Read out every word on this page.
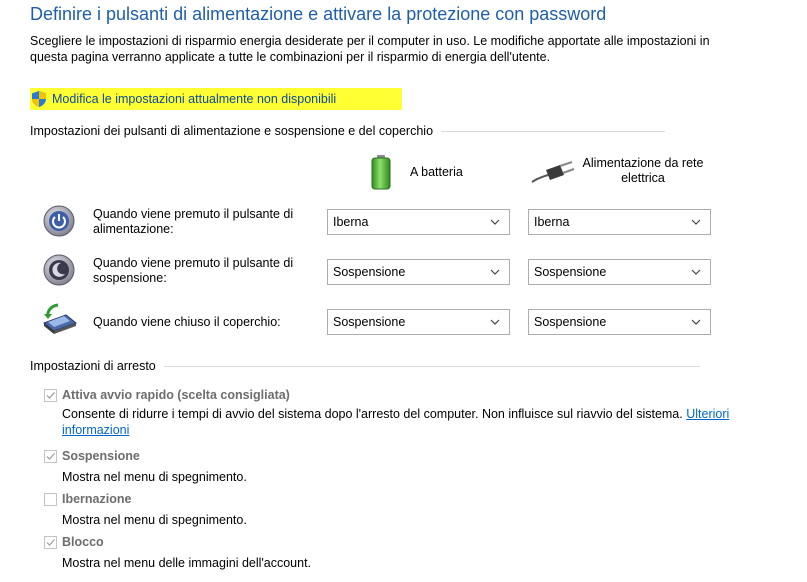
Definire i pulsanti di alimentazione e attivare la protezione con password
Scegliere le impostazioni di risparmio energia desiderate per il computer in uso. Le modifiche apportate alle impostazioni in questa pagina verranno applicate a tutte le combinazioni per il risparmio di energia dell'utente.
Modifica le impostazioni attualmente non disponibili
Impostazioni dei pulsanti di alimentazione e sospensione e del coperchio
A batteria
Alimentazione da rete elettrica
Quando viene premuto il pulsante di alimentazione:	Iberna	Iberna
Quando viene premuto il pulsante di sospensione:	Sospensione	Sospensione
Quando viene chiuso il coperchio:	Sospensione	Sospensione
Impostazioni di arresto
Attiva avvio rapido (scelta consigliata)
Consente di ridurre i tempi di avvio del sistema dopo l'arresto del computer. Non influisce sul riavvio del sistema. Ulteriori informazioni
Sospensione
Mostra nel menu di spegnimento.
Ibernazione
Mostra nel menu di spegnimento.
Blocco
Mostra nel menu delle immagini dell'account.
